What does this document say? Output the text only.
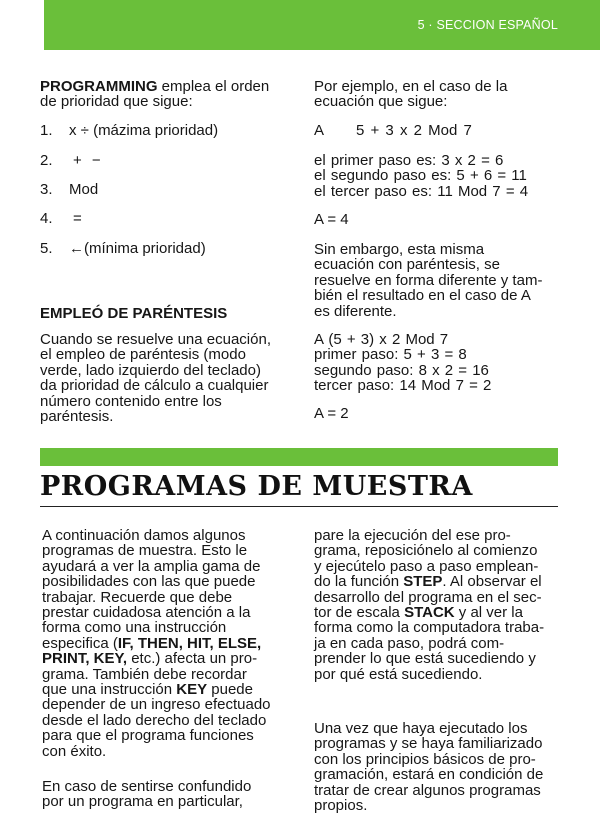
5 · SECCION ESPAÑOL

PROGRAMMING emplea el orden

de prioridad que sigue:

1. x ÷ (mázima prioridad)
2. + −
3. Mod
4. =
5. ←(mínima prioridad)
EMPLEÓ DE PARÉNTESIS

Cuando se resuelve una ecuación,

el empleo de paréntesis (modo

verde, lado izquierdo del teclado)

da prioridad de cálculo a cualquier

número contenido entre los

paréntesis.

Por ejemplo, en el caso de la

ecuación que sigue:

A 5 + 3 x 2 Mod 7

el primer paso es: 3 x 2 = 6

el segundo paso es: 5 + 6 = 11

el tercer paso es: 11 Mod 7 = 4

A = 4

Sin embargo, esta misma

ecuación con paréntesis, se

resuelve en forma diferente y tam-

bién el resultado en el caso de A

es diferente.

A (5 + 3) x 2 Mod 7

primer paso: 5 + 3 = 8

segundo paso: 8 x 2 = 16

tercer paso: 14 Mod 7 = 2

A = 2
PROGRAMAS DE MUESTRA

A continuación damos algunos

programas de muestra. Esto le

ayudará a ver la amplia gama de

posibilidades con las que puede

trabajar. Recuerde que debe

prestar cuidadosa atención a la

forma como una instrucción

especifica (IF, THEN, HIT, ELSE,

PRINT, KEY, etc.) afecta un pro-

grama. También debe recordar

que una instrucción KEY puede

depender de un ingreso efectuado

desde el lado derecho del teclado

para que el programa funciones

con éxito.

En caso de sentirse confundido

por un programa en particular,

pare la ejecución del ese pro-

grama, reposiciónelo al comienzo

y ejecútelo paso a paso emplean-

do la función STEP. Al observar el

desarrollo del programa en el sec-

tor de escala STACK y al ver la

forma como la computadora traba-

ja en cada paso, podrá com-

prender lo que está sucediendo y

por qué está sucediendo.

Una vez que haya ejecutado los

programas y se haya familiarizado

con los principios básicos de pro-

gramación, estará en condición de

tratar de crear algunos programas

propios.
